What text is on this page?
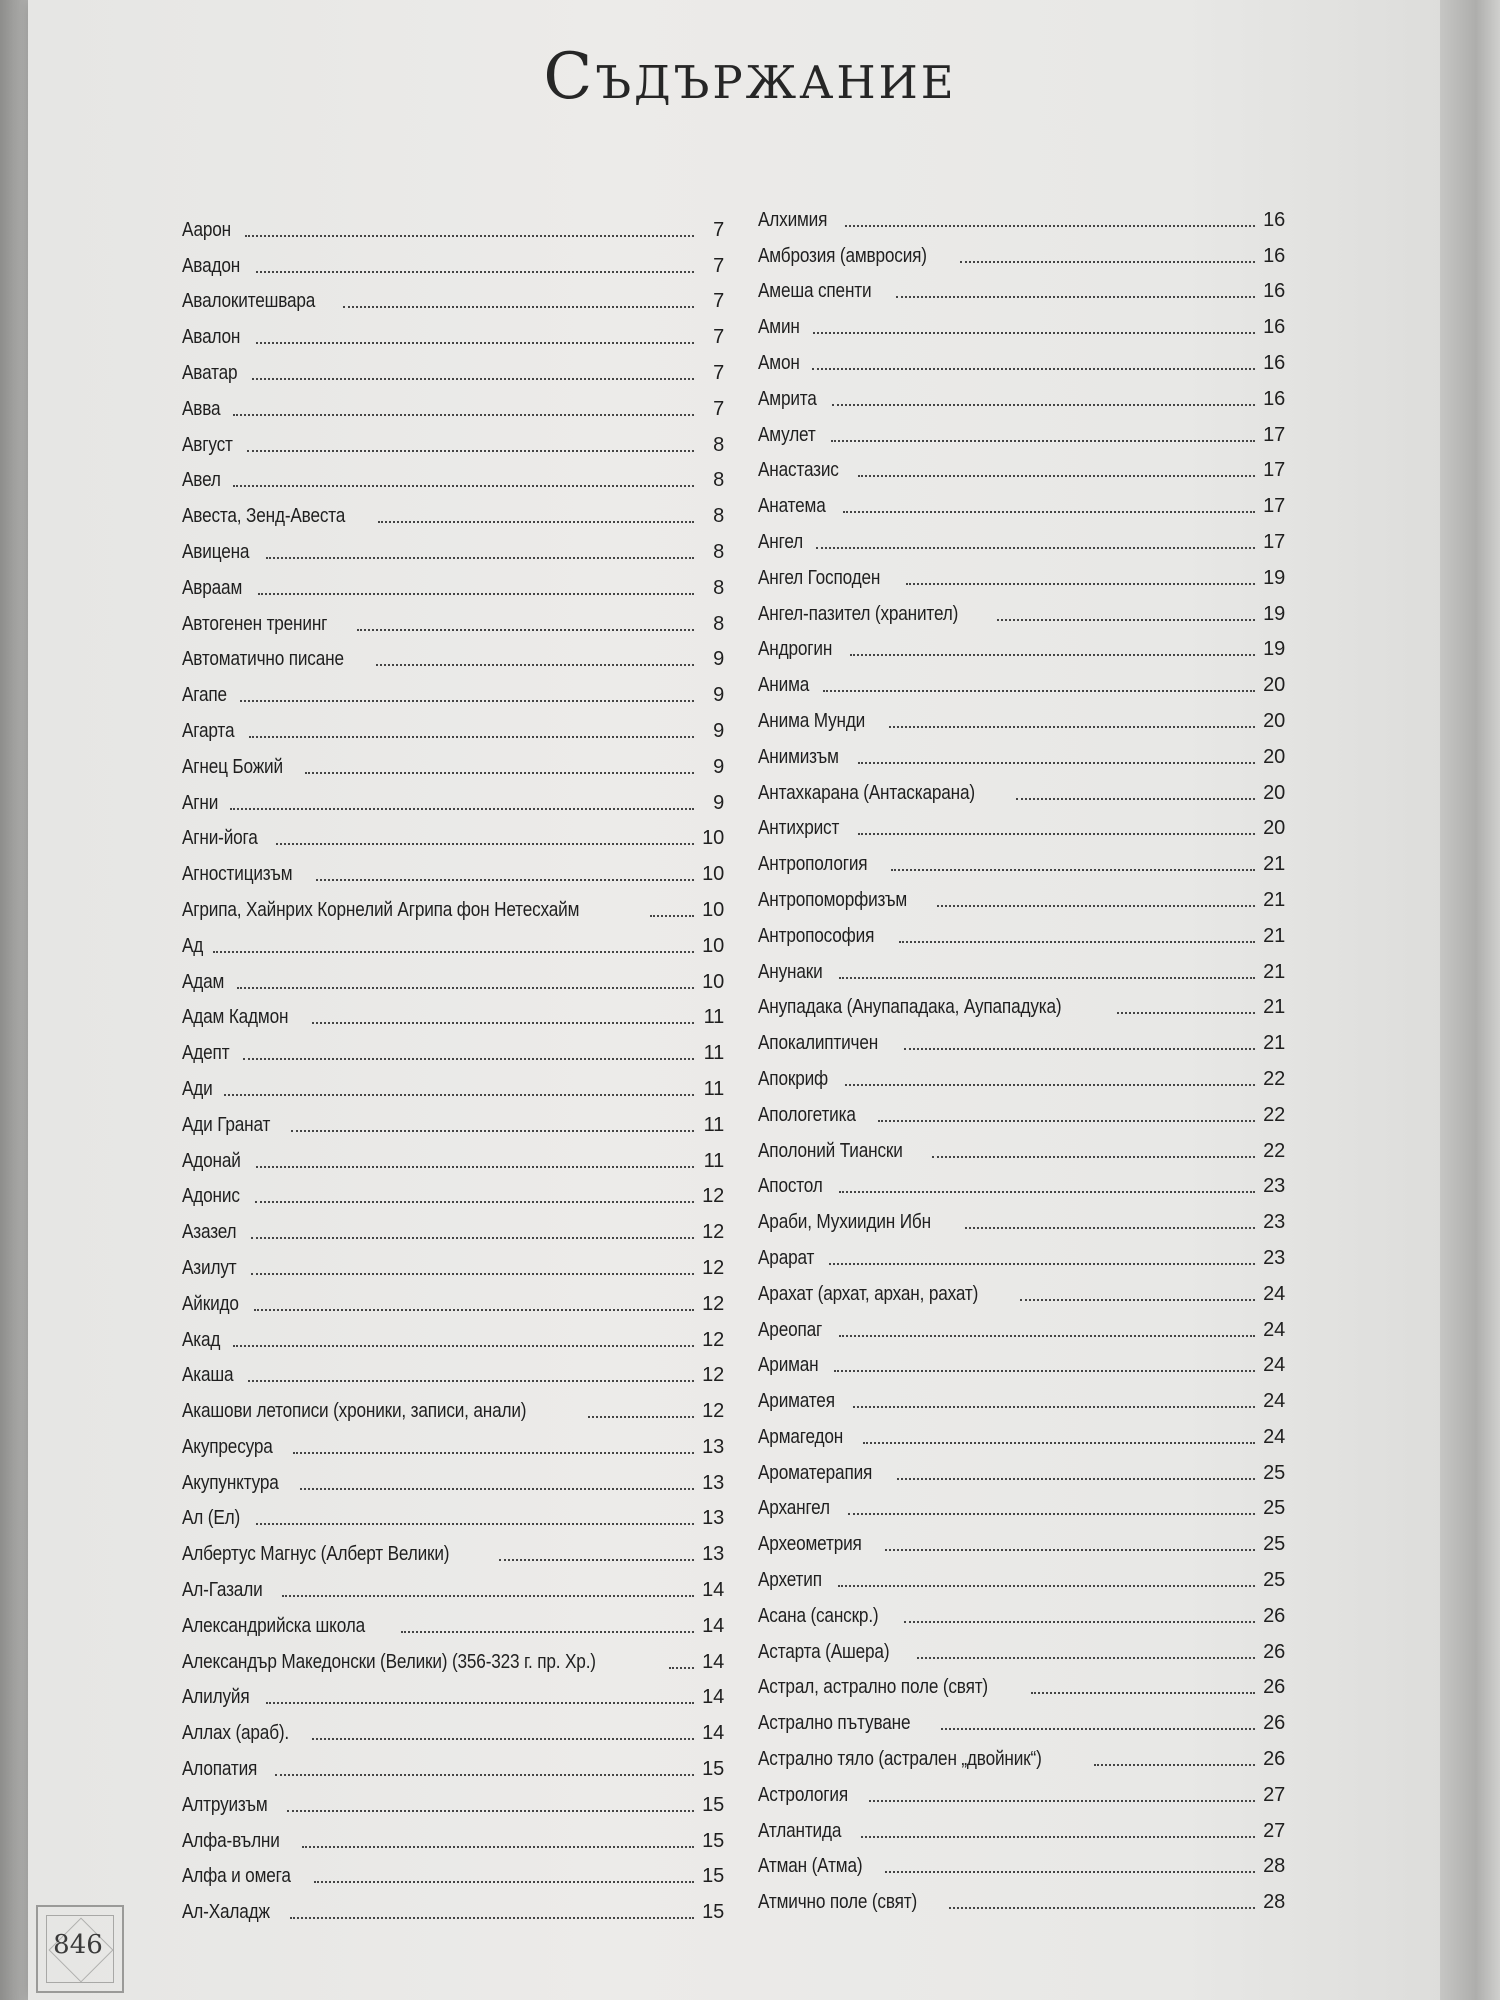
Съдържание
Аарон	7
Авадон	7
Авалокитешвара	7
Авалон	7
Аватар	7
Авва	7
Август	8
Авел	8
Авеста, Зенд-Авеста	8
Авицена	8
Авраам	8
Автогенен тренинг	8
Автоматично писане	9
Агапе	9
Агарта	9
Агнец Божий	9
Агни	9
Агни-йога	10
Агностицизъм	10
Агрипа, Хайнрих Корнелий Агрипа фон Нетесхайм	10
Ад	10
Адам	10
Адам Кадмон	11
Адепт	11
Ади	11
Ади Гранат	11
Адонай	11
Адонис	12
Азазел	12
Азилут	12
Айкидо	12
Акад	12
Акаша	12
Акашови летописи (хроники, записи, анали)	12
Акупресура	13
Акупунктура	13
Ал (Ел)	13
Албертус Магнус (Алберт Велики)	13
Ал-Газали	14
Александрийска школа	14
Александър Македонски (Велики) (356-323 г. пр. Хр.)	14
Алилуйя	14
Аллах (араб).	14
Алопатия	15
Алтруизъм	15
Алфа-вълни	15
Алфа и омега	15
Ал-Халадж	15
Алхимия	16
Амброзия (амвросия)	16
Амеша спенти	16
Амин	16
Амон	16
Амрита	16
Амулет	17
Анастазис	17
Анатема	17
Ангел	17
Ангел Господен	19
Ангел-пазител (хранител)	19
Андрогин	19
Анима	20
Анима Мунди	20
Анимизъм	20
Антахкарана (Антаскарана)	20
Антихрист	20
Антропология	21
Антропоморфизъм	21
Антропософия	21
Анунаки	21
Анупадака (Анупападака, Аупападука)	21
Апокалиптичен	21
Апокриф	22
Апологетика	22
Аполоний Тиански	22
Апостол	23
Араби, Мухиидин Ибн	23
Арарат	23
Арахат (архат, архан, рахат)	24
Ареопаг	24
Ариман	24
Ариматея	24
Армагедон	24
Ароматерапия	25
Архангел	25
Археометрия	25
Архетип	25
Асана (санскр.)	26
Астарта (Ашера)	26
Астрал, астрално поле (свят)	26
Астрално пътуване	26
Астрално тяло (астрален „двойник“)	26
Астрология	27
Атлантида	27
Атман (Атма)	28
Атмично поле (свят)	28
846
